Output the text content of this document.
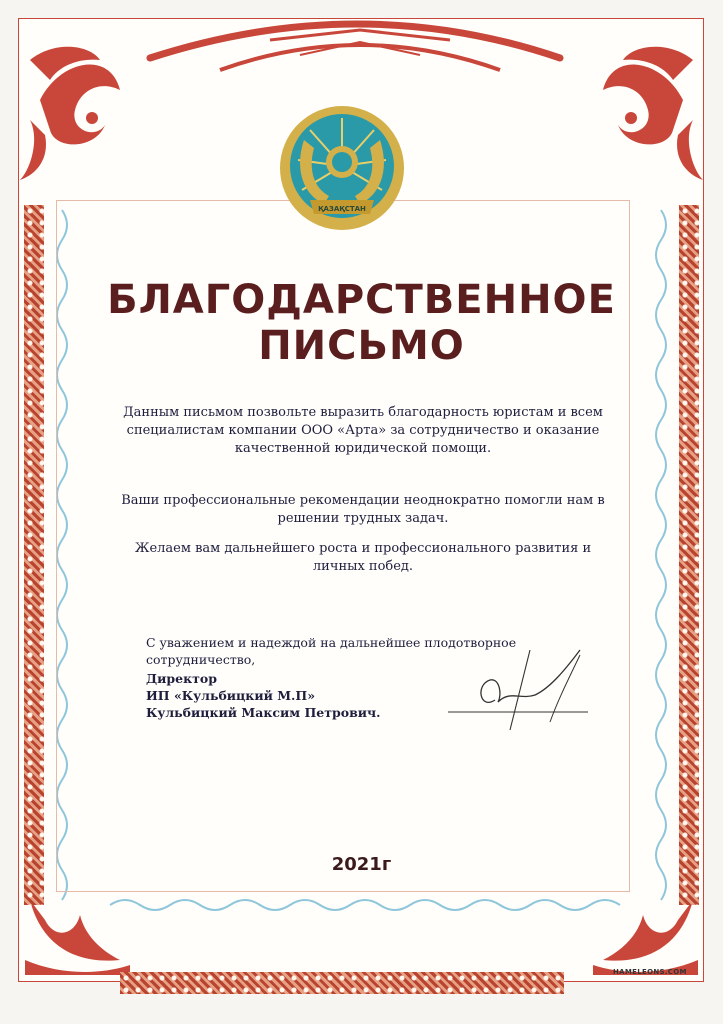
ҚАЗАҚСТАН
БЛАГОДАРСТВЕННОЕ
ПИСЬМО
Данным письмом позвольте выразить благодарность юристам и всем специалистам компании ООО «Арта» за сотрудничество и оказание качественной юридической помощи.
Ваши профессиональные рекомендации неоднократно помогли нам в решении трудных задач.
Желаем вам дальнейшего роста и профессионального развития и личных побед.
С уважением и надеждой на дальнейшее плодотворное сотрудничество,
Директор
ИП «Кульбицкий М.П»
Кульбицкий Максим Петрович.
2021г
HAMELEONS.COM
